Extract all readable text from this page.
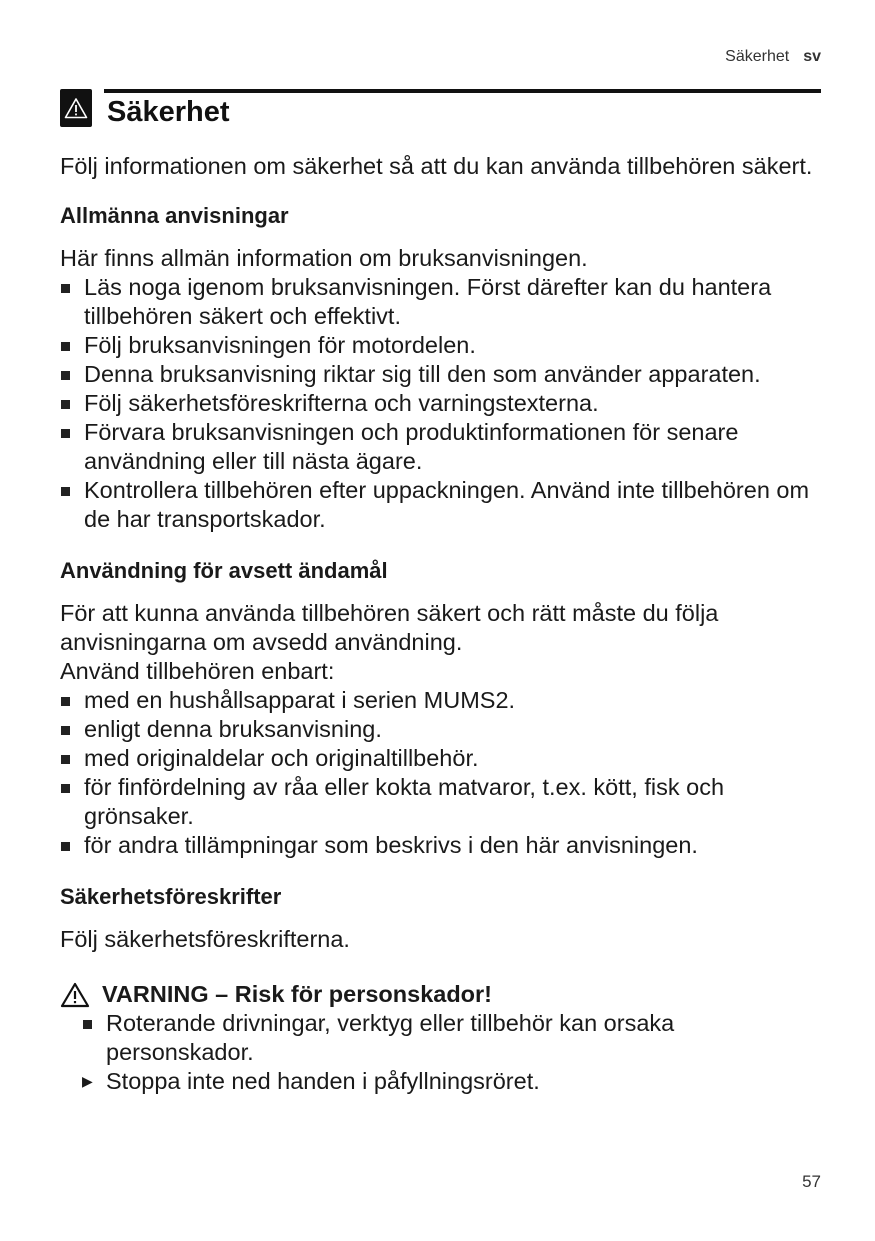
Säkerhet sv
Säkerhet

Följ informationen om säkerhet så att du kan använda tillbehören säkert.

Allmänna anvisningar

Här finns allmän information om bruksanvisningen.

Läs noga igenom bruksanvisningen. Först därefter kan du hantera tillbehören säkert och effektivt.
Följ bruksanvisningen för motordelen.
Denna bruksanvisning riktar sig till den som använder apparaten.
Följ säkerhetsföreskrifterna och varningstexterna.
Förvara bruksanvisningen och produktinformationen för senare användning eller till nästa ägare.
Kontrollera tillbehören efter uppackningen. Använd inte tillbehören om de har transportskador.
Användning för avsett ändamål

För att kunna använda tillbehören säkert och rätt måste du följa anvisningarna om avsedd användning.

Använd tillbehören enbart:

med en hushållsapparat i serien MUMS2.
enligt denna bruksanvisning.
med originaldelar och originaltillbehör.
för finfördelning av råa eller kokta matvaror, t.ex. kött, fisk och grönsaker.
för andra tillämpningar som beskrivs i den här anvisningen.
Säkerhetsföreskrifter

Följ säkerhetsföreskrifterna.

VARNING – Risk för personskador!
Roterande drivningar, verktyg eller tillbehör kan orsaka personskador.
▶ Stoppa inte ned handen i påfyllningsröret.
57
